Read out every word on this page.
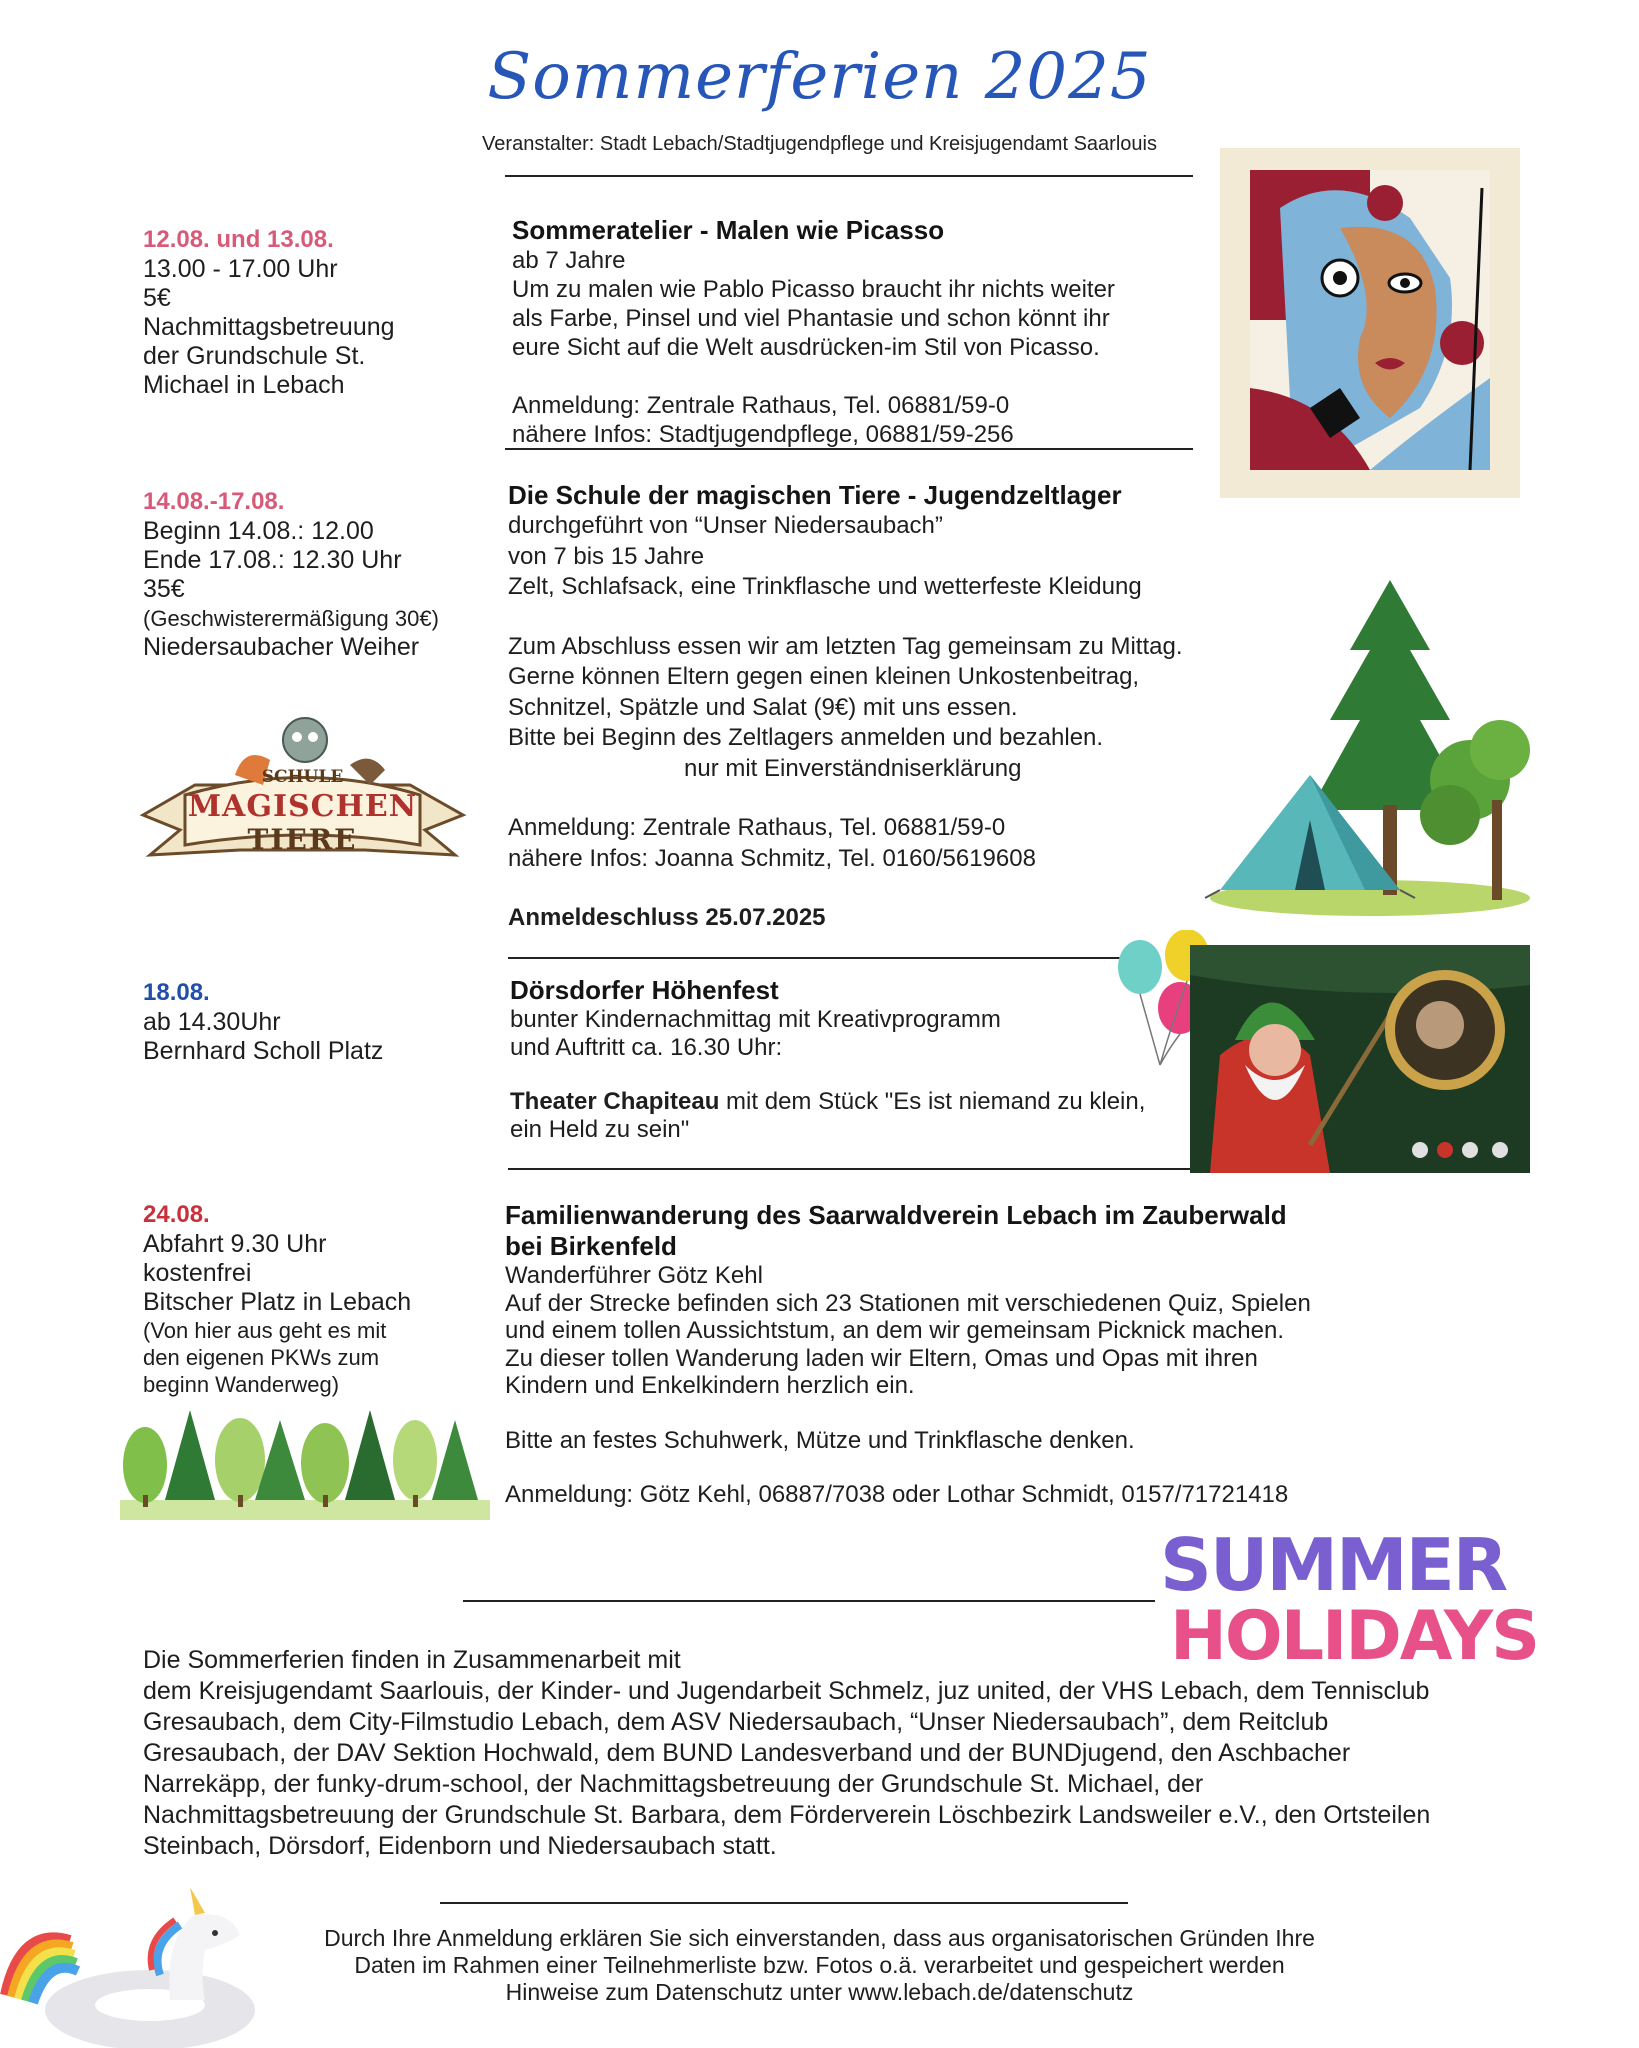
Sommerferien 2025
Veranstalter: Stadt Lebach/Stadtjugendpflege und Kreisjugendamt Saarlouis
12.08. und 13.08.
13.00 - 17.00 Uhr
5€
Nachmittagsbetreuung
der Grundschule St.
Michael in Lebach
Sommeratelier - Malen wie Picasso
ab 7 Jahre
Um zu malen wie Pablo Picasso braucht ihr nichts weiter
als Farbe, Pinsel und viel Phantasie und schon könnt ihr
eure Sicht auf die Welt ausdrücken-im Stil von Picasso.
Anmeldung: Zentrale Rathaus, Tel. 06881/59-0
nähere Infos: Stadtjugendpflege, 06881/59-256
14.08.-17.08.
Beginn 14.08.: 12.00
Ende 17.08.: 12.30 Uhr
35€
(Geschwisterermäßigung 30€)
Niedersaubacher Weiher
SCHULE
MAGISCHEN
TIERE
Die Schule der magischen Tiere - Jugendzeltlager
durchgeführt von “Unser Niedersaubach”
von 7 bis 15 Jahre
Zelt, Schlafsack, eine Trinkflasche und wetterfeste Kleidung
Zum Abschluss essen wir am letzten Tag gemeinsam zu Mittag.
Gerne können Eltern gegen einen kleinen Unkostenbeitrag,
Schnitzel, Spätzle und Salat (9€) mit uns essen.
Bitte bei Beginn des Zeltlagers anmelden und bezahlen.
nur mit Einverständniserklärung
Anmeldung: Zentrale Rathaus, Tel. 06881/59-0
nähere Infos: Joanna Schmitz, Tel. 0160/5619608
Anmeldeschluss 25.07.2025
18.08.
ab 14.30Uhr
Bernhard Scholl Platz
Dörsdorfer Höhenfest
bunter Kindernachmittag mit Kreativprogramm
und Auftritt ca. 16.30 Uhr:
Theater Chapiteau mit dem Stück "Es ist niemand zu klein,
ein Held zu sein"
24.08.
Abfahrt 9.30 Uhr
kostenfrei
Bitscher Platz in Lebach
(Von hier aus geht es mit
den eigenen PKWs zum
beginn Wanderweg)
Familienwanderung des Saarwaldverein Lebach im Zauberwald
bei Birkenfeld
Wanderführer Götz Kehl
Auf der Strecke befinden sich 23 Stationen mit verschiedenen Quiz, Spielen
und einem tollen Aussichtstum, an dem wir gemeinsam Picknick machen.
Zu dieser tollen Wanderung laden wir Eltern, Omas und Opas mit ihren
Kindern und Enkelkindern herzlich ein.
Bitte an festes Schuhwerk, Mütze und Trinkflasche denken.
Anmeldung: Götz Kehl, 06887/7038 oder Lothar Schmidt, 0157/71721418
SUMMER
HOLIDAYS
Die Sommerferien finden in Zusammenarbeit mit
dem Kreisjugendamt Saarlouis, der Kinder- und Jugendarbeit Schmelz, juz united, der VHS Lebach, dem Tennisclub
Gresaubach, dem City-Filmstudio Lebach, dem ASV Niedersaubach, “Unser Niedersaubach”, dem Reitclub
Gresaubach, der DAV Sektion Hochwald, dem BUND Landesverband und der BUNDjugend, den Aschbacher
Narrekäpp, der funky-drum-school, der Nachmittagsbetreuung der Grundschule St. Michael, der
Nachmittagsbetreuung der Grundschule St. Barbara, dem Förderverein Löschbezirk Landsweiler e.V., den Ortsteilen
Steinbach, Dörsdorf, Eidenborn und Niedersaubach statt.
Durch Ihre Anmeldung erklären Sie sich einverstanden, dass aus organisatorischen Gründen Ihre
Daten im Rahmen einer Teilnehmerliste bzw. Fotos o.ä. verarbeitet und gespeichert werden
Hinweise zum Datenschutz unter www.lebach.de/datenschutz
